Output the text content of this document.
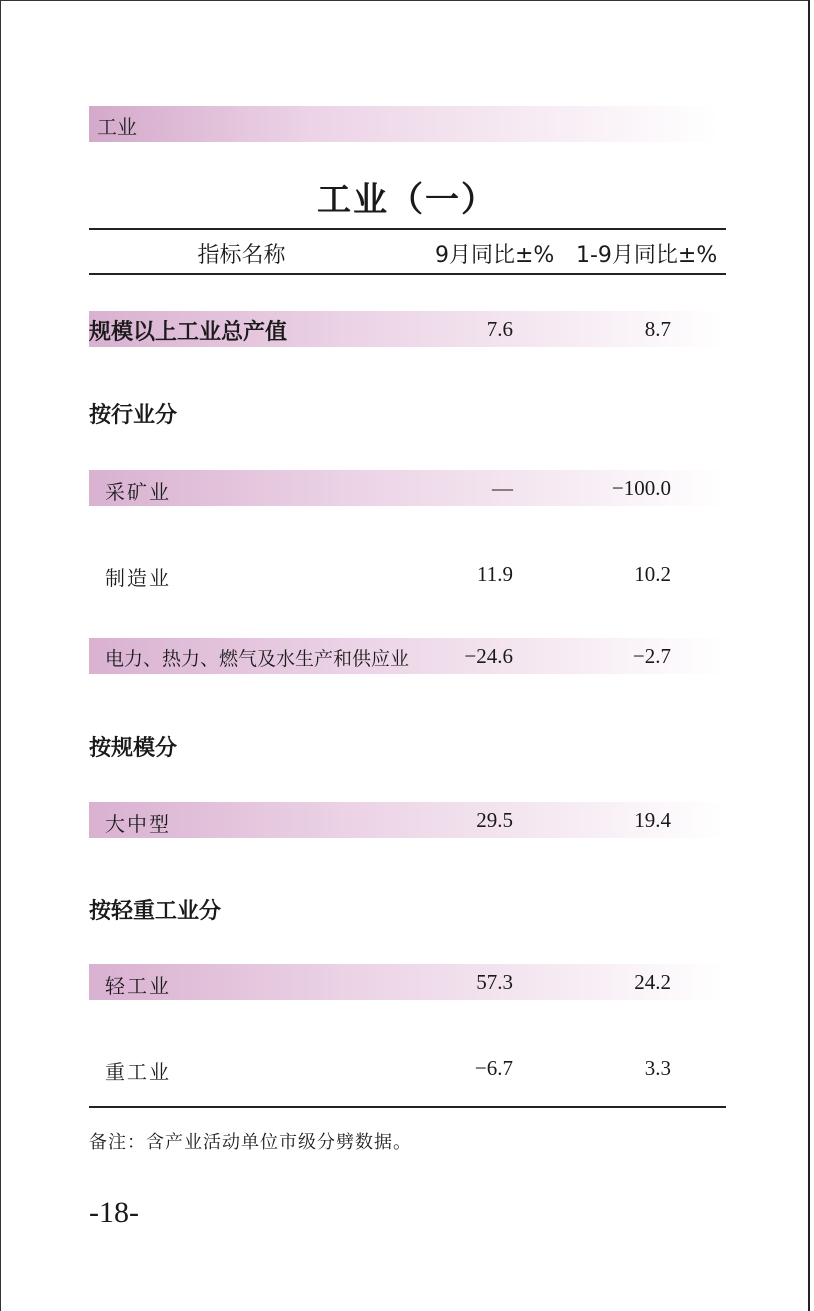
工业
工业（一）
指标名称	9月同比±% 1-9月同比±%
规模以上工业总产值	7.6	8.7
按行业分
采矿业	—	−100.0
制造业	11.9	10.2
电力、热力、燃气及水生产和供应业	−24.6	−2.7
按规模分
大中型	29.5	19.4
按轻重工业分
轻工业	57.3	24.2
重工业	−6.7	3.3
备注：含产业活动单位市级分劈数据。
-18-
